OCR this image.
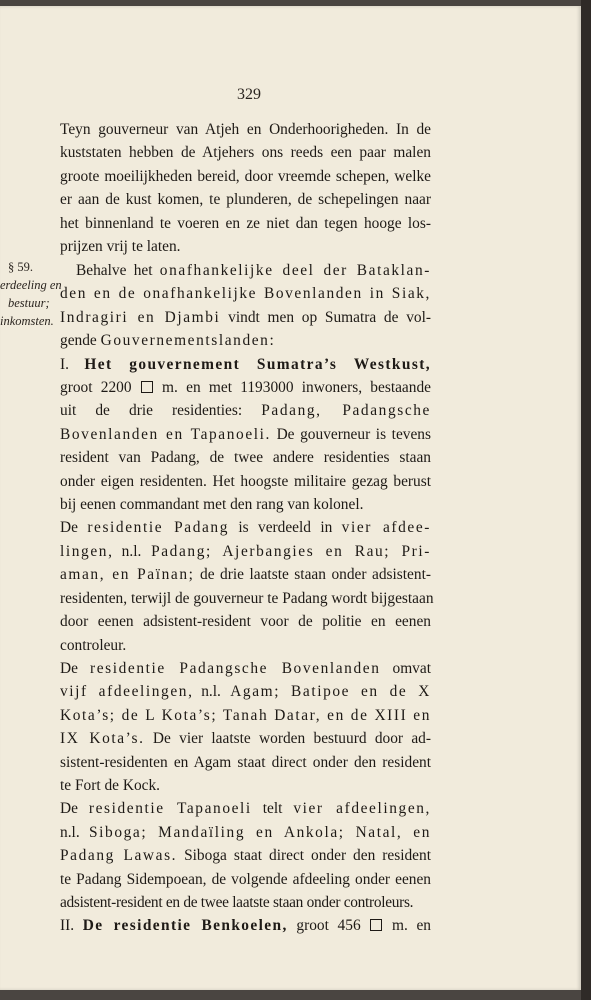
329
Teyn gouverneur van Atjeh en Onderhoorigheden. In de
kuststaten hebben de Atjehers ons reeds een paar malen
groote moeilijkheden bereid, door vreemde schepen, welke
er aan de kust komen, te plunderen, de schepelingen naar
het binnenland te voeren en ze niet dan tegen hooge los-
prijzen vrij te laten.
§ 59.
erdeeling en
bestuur;
inkomsten.
Behalve het onafhankelijke deel der Bataklan-
den en de onafhankelijke Bovenlanden in Siak,
Indragiri en Djambi vindt men op Sumatra de vol-
gende Gouvernementslanden:
I. Het gouvernement Sumatra’s Westkust,
groot 2200  m. en met 1193000 inwoners, bestaande
uit de drie residenties: Padang, Padangsche
Bovenlanden en Tapanoeli. De gouverneur is tevens
resident van Padang, de twee andere residenties staan
onder eigen residenten. Het hoogste militaire gezag berust
bij eenen commandant met den rang van kolonel.
De residentie Padang is verdeeld in vier afdee-
lingen, n.l. Padang; Ajerbangies en Rau; Pri-
aman, en Païnan; de drie laatste staan onder adsistent-
residenten, terwijl de gouverneur te Padang wordt bijgestaan
door eenen adsistent-resident voor de politie en eenen
controleur.
De residentie Padangsche Bovenlanden omvat
vijf afdeelingen, n.l. Agam; Batipoe en de X
Kota’s; de L Kota’s; Tanah Datar, en de XIII en
IX Kota’s. De vier laatste worden bestuurd door ad-
sistent-residenten en Agam staat direct onder den resident
te Fort de Kock.
De residentie Tapanoeli telt vier afdeelingen,
n.l. Siboga; Mandaïling en Ankola; Natal, en
Padang Lawas. Siboga staat direct onder den resident
te Padang Sidempoean, de volgende afdeeling onder eenen
adsistent-resident en de twee laatste staan onder controleurs.
II. De residentie Benkoelen, groot 456  m. en
